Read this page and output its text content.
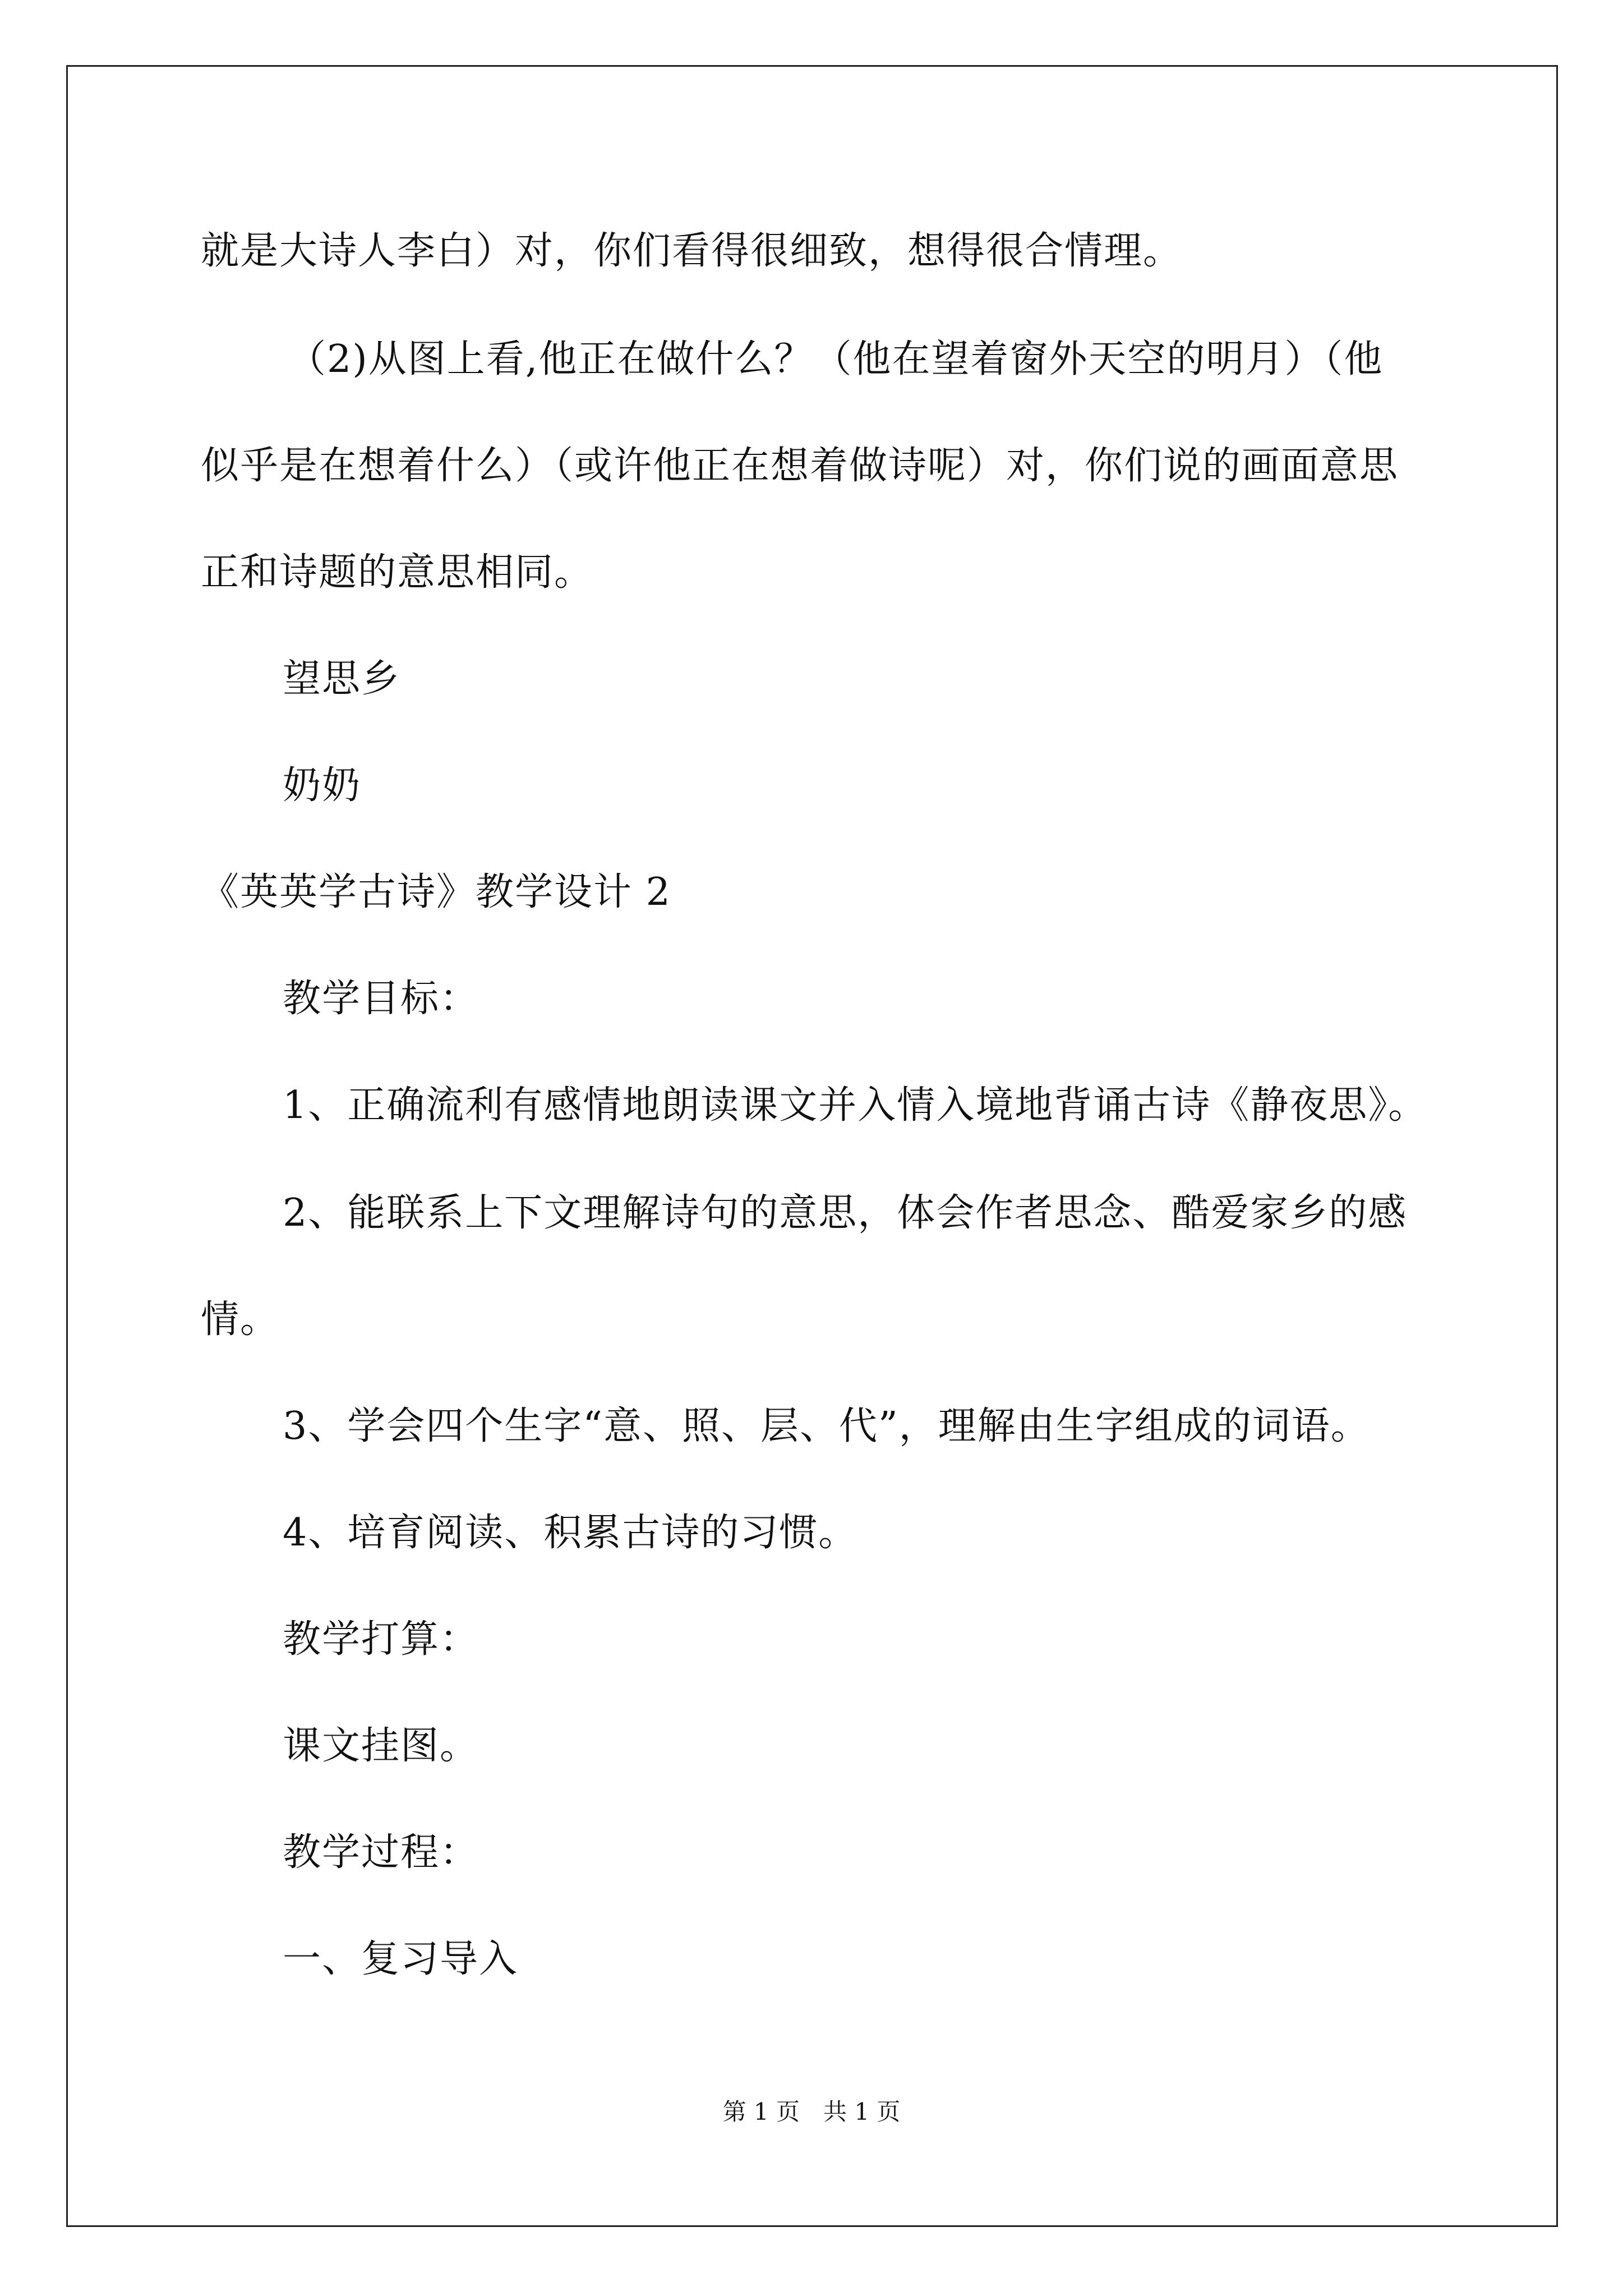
就是大诗人李白）对，你们看得很细致，想得很合情理。
（2)从图上看,他正在做什么？（他在望着窗外天空的明月）（他
似乎是在想着什么）（或许他正在想着做诗呢）对，你们说的画面意思
正和诗题的意思相同。
望思乡
奶奶
《英英学古诗》教学设计 2
教学目标：
1、正确流利有感情地朗读课文并入情入境地背诵古诗《静夜思》。
2、能联系上下文理解诗句的意思，体会作者思念、酷爱家乡的感
情。
3、学会四个生字“意、照、层、代”，理解由生字组成的词语。
4、培育阅读、积累古诗的习惯。
教学打算：
课文挂图。
教学过程：
一、复习导入
第 1 页　共 1 页
